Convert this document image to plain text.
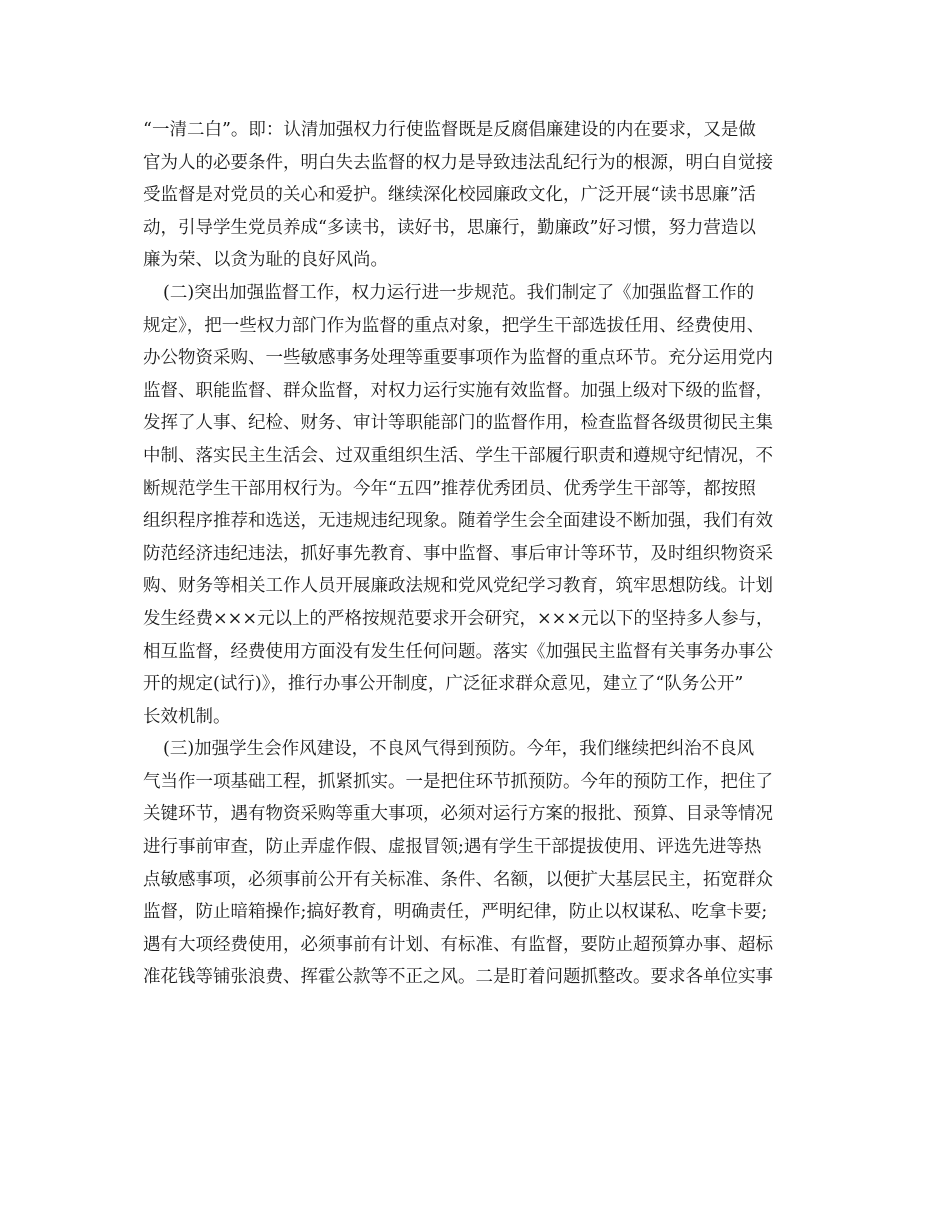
“一清二白”。即：认清加强权力行使监督既是反腐倡廉建设的内在要求，又是做
官为人的必要条件，明白失去监督的权力是导致违法乱纪行为的根源，明白自觉接
受监督是对党员的关心和爱护。继续深化校园廉政文化，广泛开展“读书思廉”活
动，引导学生党员养成“多读书，读好书，思廉行，勤廉政”好习惯，努力营造以
廉为荣、以贪为耻的良好风尚。
(二)突出加强监督工作，权力运行进一步规范。我们制定了《加强监督工作的
规定》，把一些权力部门作为监督的重点对象，把学生干部选拔任用、经费使用、
办公物资采购、一些敏感事务处理等重要事项作为监督的重点环节。充分运用党内
监督、职能监督、群众监督，对权力运行实施有效监督。加强上级对下级的监督，
发挥了人事、纪检、财务、审计等职能部门的监督作用，检查监督各级贯彻民主集
中制、落实民主生活会、过双重组织生活、学生干部履行职责和遵规守纪情况，不
断规范学生干部用权行为。今年“五四”推荐优秀团员、优秀学生干部等，都按照
组织程序推荐和选送，无违规违纪现象。随着学生会全面建设不断加强，我们有效
防范经济违纪违法，抓好事先教育、事中监督、事后审计等环节，及时组织物资采
购、财务等相关工作人员开展廉政法规和党风党纪学习教育，筑牢思想防线。计划
发生经费×××元以上的严格按规范要求开会研究，×××元以下的坚持多人参与，
相互监督，经费使用方面没有发生任何问题。落实《加强民主监督有关事务办事公
开的规定(试行)》，推行办事公开制度，广泛征求群众意见，建立了“队务公开”
长效机制。
(三)加强学生会作风建设，不良风气得到预防。今年，我们继续把纠治不良风
气当作一项基础工程，抓紧抓实。一是把住环节抓预防。今年的预防工作，把住了
关键环节，遇有物资采购等重大事项，必须对运行方案的报批、预算、目录等情况
进行事前审查，防止弄虚作假、虚报冒领;遇有学生干部提拔使用、评选先进等热
点敏感事项，必须事前公开有关标准、条件、名额，以便扩大基层民主，拓宽群众
监督，防止暗箱操作;搞好教育，明确责任，严明纪律，防止以权谋私、吃拿卡要;
遇有大项经费使用，必须事前有计划、有标准、有监督，要防止超预算办事、超标
准花钱等铺张浪费、挥霍公款等不正之风。二是盯着问题抓整改。要求各单位实事
